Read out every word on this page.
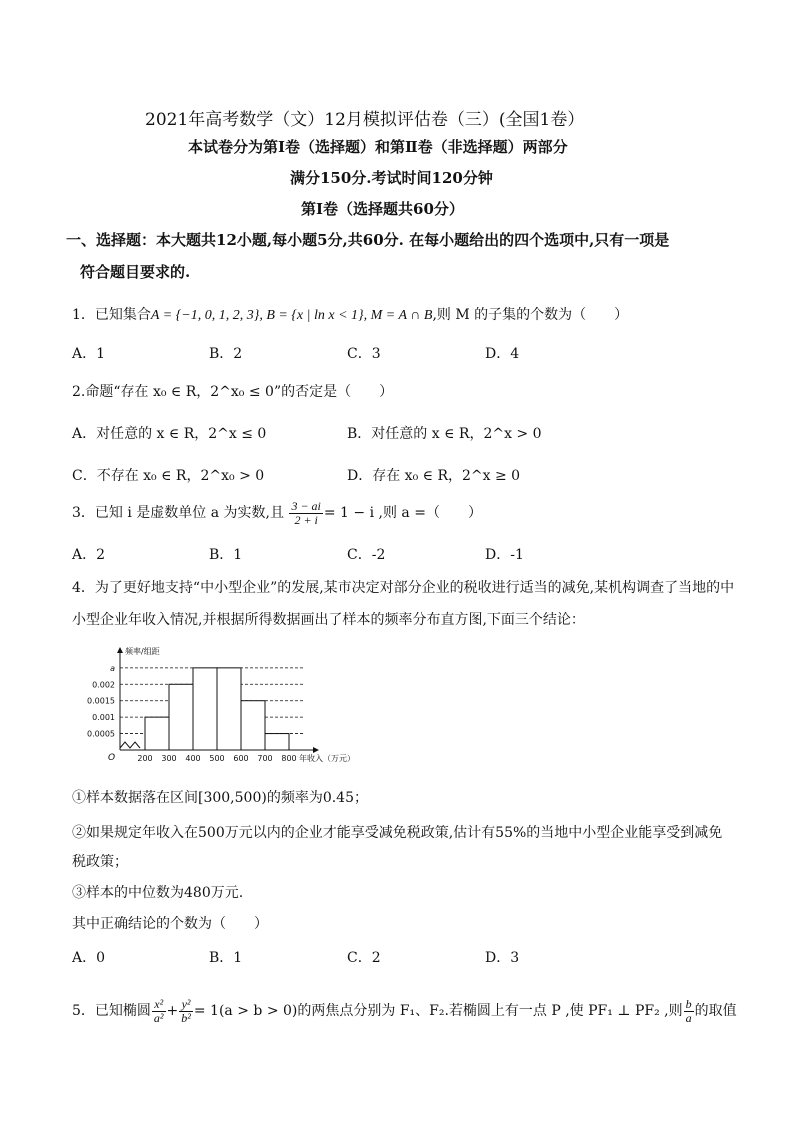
2021年高考数学（文）12月模拟评估卷（三）(全国1卷）
本试卷分为第Ⅰ卷（选择题）和第Ⅱ卷（非选择题）两部分
满分150分.考试时间120分钟
第Ⅰ卷（选择题共60分）
一、选择题：本大题共12小题,每小题5分,共60分. 在每小题给出的四个选项中,只有一项是
符合题目要求的.
1．已知集合A = {−1, 0, 1, 2, 3}, B = {x | ln x < 1}, M = A ∩ B,则 M 的子集的个数为（　　）
A．1	B．2	C．3	D．4
2.命题“存在 x₀ ∈ R，2^x₀ ≤ 0”的否定是（　　）
A．对任意的 x ∈ R，2^x ≤ 0	B．对任意的 x ∈ R，2^x > 0
C．不存在 x₀ ∈ R，2^x₀ > 0	D．存在 x₀ ∈ R，2^x ≥ 0
3．已知 i 是虚数单位 a 为实数,且 $\frac{3 - ai}{2 + i} = 1 - i$ ,则 a =（　　）
A．2	B．1	C．-2	D．-1
4．为了更好地支持“中小型企业”的发展,某市决定对部分企业的税收进行适当的减免,某机构调查了当地的中
小型企业年收入情况,并根据所得数据画出了样本的频率分布直方图,下面三个结论：
频率/组距
O
a
0.002
0.0015
0.001
0.0005
200 300 400 500 600 700 800 年收入（万元）
①样本数据落在区间[300,500)的频率为0.45；
②如果规定年收入在500万元以内的企业才能享受减免税政策,估计有55%的当地中小型企业能享受到减免
税政策；
③样本的中位数为480万元.
其中正确结论的个数为（　　）
A．0	B．1	C．2	D．3
5．已知椭圆 $\frac{\text{x²}}{\text{a²}} + \frac{\text{y²}}{\text{b²}} = 1(a > b > 0)$的两焦点分别为 F₁、F₂.若椭圆上有一点 P ,使 PF₁ ⊥ PF₂ ,则 $\frac{b}{a}$ 的取值
